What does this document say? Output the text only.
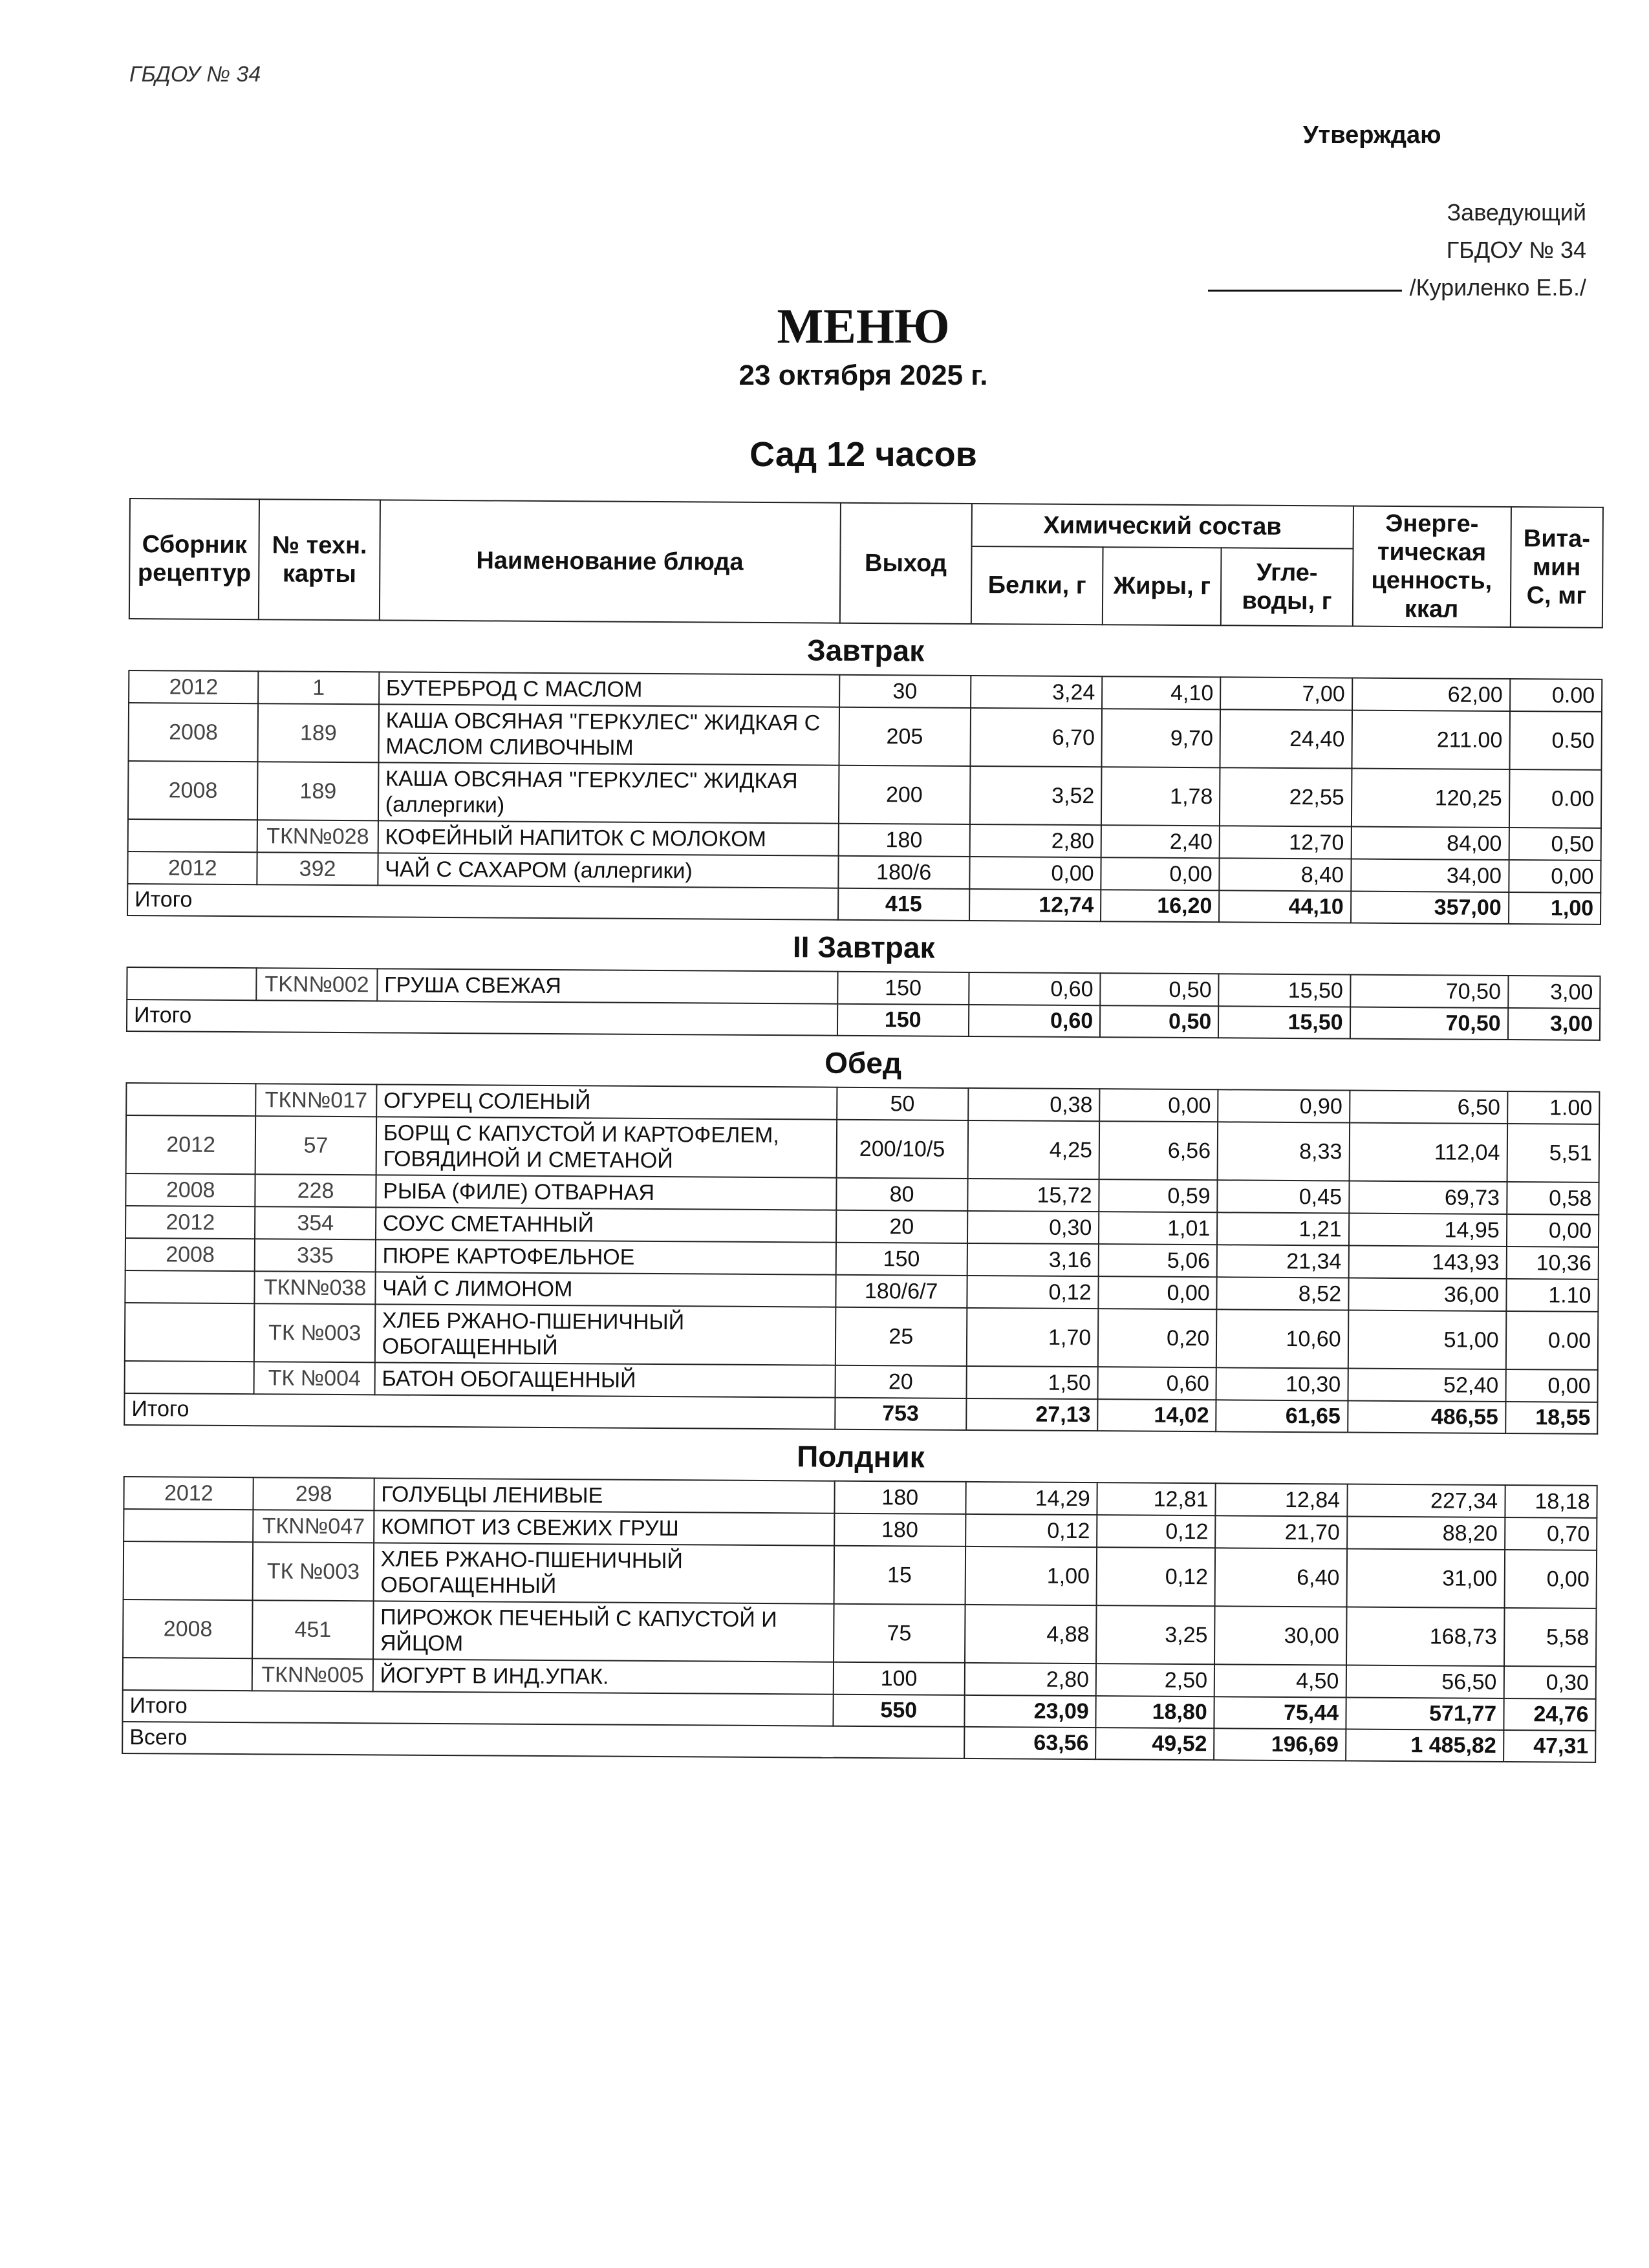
ГБДОУ № 34
Утверждаю
Заведующий
ГБДОУ № 34
/Куриленко Е.Б./
МЕНЮ
23 октября 2025 г.
Сад 12 часов
Сборник рецептур	№ техн. карты	Наименование блюда	Выход	Химический состав			Энерге-тическая ценность, ккал	Вита-мин С, мг
				Белки, г	Жиры, г	Угле-воды, г		
Завтрак								
2012	1	БУТЕРБРОД С МАСЛОМ	30	3,24	4,10	7,00	62,00	0.00
2008	189	КАША ОВСЯНАЯ "ГЕРКУЛЕС" ЖИДКАЯ С МАСЛОМ СЛИВОЧНЫМ	205	6,70	9,70	24,40	211.00	0.50
2008	189	КАША ОВСЯНАЯ "ГЕРКУЛЕС" ЖИДКАЯ (аллергики)	200	3,52	1,78	22,55	120,25	0.00
	ТКN№028	КОФЕЙНЫЙ НАПИТОК С МОЛОКОМ	180	2,80	2,40	12,70	84,00	0,50
2012	392	ЧАЙ С САХАРОМ (аллергики)	180/6	0,00	0,00	8,40	34,00	0,00
Итого			415	12,74	16,20	44,10	357,00	1,00
II Завтрак								
	TKN№002	ГРУША СВЕЖАЯ	150	0,60	0,50	15,50	70,50	3,00
Итого			150	0,60	0,50	15,50	70,50	3,00
Обед								
	ТКN№017	ОГУРЕЦ СОЛЕНЫЙ	50	0,38	0,00	0,90	6,50	1.00
2012	57	БОРЩ С КАПУСТОЙ И КАРТОФЕЛЕМ, ГОВЯДИНОЙ И СМЕТАНОЙ	200/10/5	4,25	6,56	8,33	112,04	5,51
2008	228	РЫБА (ФИЛЕ) ОТВАРНАЯ	80	15,72	0,59	0,45	69,73	0,58
2012	354	СОУС СМЕТАННЫЙ	20	0,30	1,01	1,21	14,95	0,00
2008	335	ПЮРЕ КАРТОФЕЛЬНОЕ	150	3,16	5,06	21,34	143,93	10,36
	ТКN№038	ЧАЙ С ЛИМОНОМ	180/6/7	0,12	0,00	8,52	36,00	1.10
	ТК №003	ХЛЕБ РЖАНО-ПШЕНИЧНЫЙ ОБОГАЩЕННЫЙ	25	1,70	0,20	10,60	51,00	0.00
	ТК №004	БАТОН ОБОГАЩЕННЫЙ	20	1,50	0,60	10,30	52,40	0,00
Итого			753	27,13	14,02	61,65	486,55	18,55
Полдник								
2012	298	ГОЛУБЦЫ ЛЕНИВЫЕ	180	14,29	12,81	12,84	227,34	18,18
	ТКN№047	КОМПОТ ИЗ СВЕЖИХ ГРУШ	180	0,12	0,12	21,70	88,20	0,70
	ТК №003	ХЛЕБ РЖАНО-ПШЕНИЧНЫЙ ОБОГАЩЕННЫЙ	15	1,00	0,12	6,40	31,00	0,00
2008	451	ПИРОЖОК ПЕЧЕНЫЙ С КАПУСТОЙ И ЯЙЦОМ	75	4,88	3,25	30,00	168,73	5,58
	ТКN№005	ЙОГУРТ В ИНД.УПАК.	100	2,80	2,50	4,50	56,50	0,30
Итого			550	23,09	18,80	75,44	571,77	24,76
Всего				63,56	49,52	196,69	1 485,82	47,31
